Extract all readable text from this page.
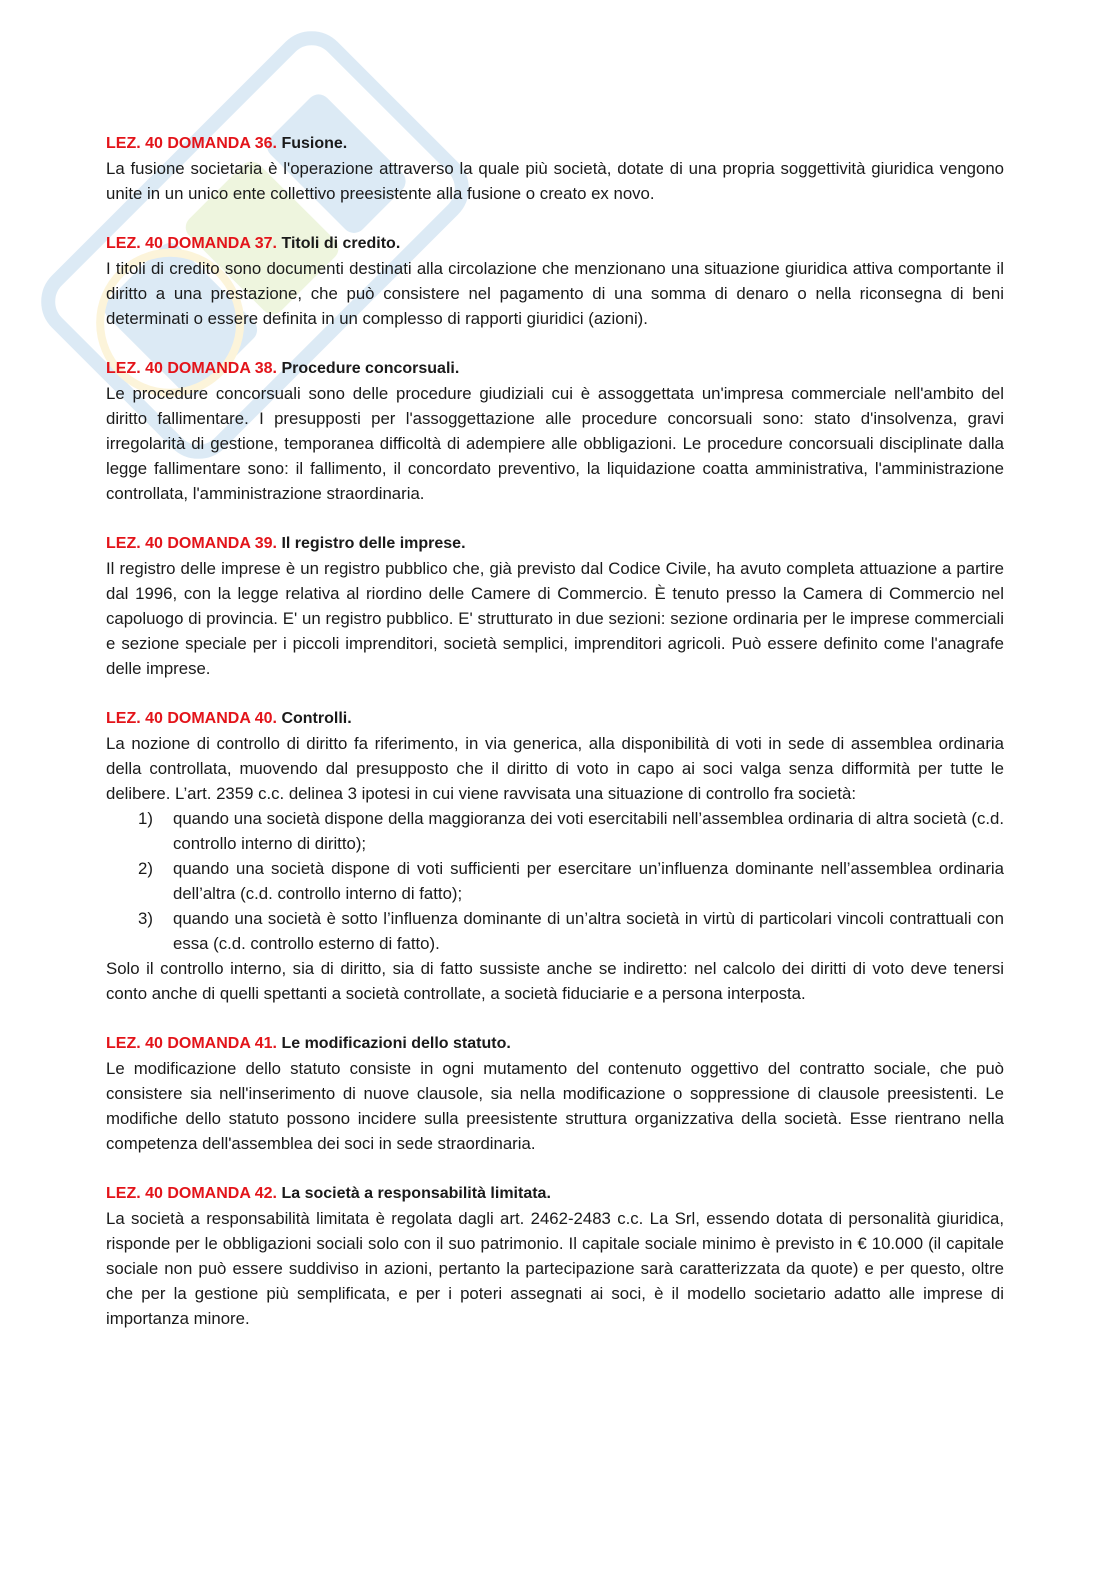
LEZ. 40 DOMANDA 36. Fusione.

La fusione societaria è l'operazione attraverso la quale più società, dotate di una propria soggettività giuridica vengono unite in un unico ente collettivo preesistente alla fusione o creato ex novo.

LEZ. 40 DOMANDA 37. Titoli di credito.

I titoli di credito sono documenti destinati alla circolazione che menzionano una situazione giuridica attiva comportante il diritto a una prestazione, che può consistere nel pagamento di una somma di denaro o nella riconsegna di beni determinati o essere definita in un complesso di rapporti giuridici (azioni).

LEZ. 40 DOMANDA 38. Procedure concorsuali.

Le procedure concorsuali sono delle procedure giudiziali cui è assoggettata un'impresa commerciale nell'ambito del diritto fallimentare. I presupposti per l'assoggettazione alle procedure concorsuali sono: stato d'insolvenza, gravi irregolarità di gestione, temporanea difficoltà di adempiere alle obbligazioni. Le procedure concorsuali disciplinate dalla legge fallimentare sono: il fallimento, il concordato preventivo, la liquidazione coatta amministrativa, l'amministrazione controllata, l'amministrazione straordinaria.

LEZ. 40 DOMANDA 39. Il registro delle imprese.

Il registro delle imprese è un registro pubblico che, già previsto dal Codice Civile, ha avuto completa attuazione a partire dal 1996, con la legge relativa al riordino delle Camere di Commercio. È tenuto presso la Camera di Commercio nel capoluogo di provincia. E' un registro pubblico. E' strutturato in due sezioni: sezione ordinaria per le imprese commerciali e sezione speciale per i piccoli imprenditori, società semplici, imprenditori agricoli. Può essere definito come l'anagrafe delle imprese.

LEZ. 40 DOMANDA 40. Controlli.

La nozione di controllo di diritto fa riferimento, in via generica, alla disponibilità di voti in sede di assemblea ordinaria della controllata, muovendo dal presupposto che il diritto di voto in capo ai soci valga senza difformità per tutte le delibere. L’art. 2359 c.c. delinea 3 ipotesi in cui viene ravvisata una situazione di controllo fra società:

1) quando una società dispone della maggioranza dei voti esercitabili nell’assemblea ordinaria di altra società (c.d. controllo interno di diritto);
2) quando una società dispone di voti sufficienti per esercitare un’influenza dominante nell’assemblea ordinaria dell’altra (c.d. controllo interno di fatto);
3) quando una società è sotto l’influenza dominante di un’altra società in virtù di particolari vincoli contrattuali con essa (c.d. controllo esterno di fatto).

Solo il controllo interno, sia di diritto, sia di fatto sussiste anche se indiretto: nel calcolo dei diritti di voto deve tenersi conto anche di quelli spettanti a società controllate, a società fiduciarie e a persona interposta.

LEZ. 40 DOMANDA 41. Le modificazioni dello statuto.

Le modificazione dello statuto consiste in ogni mutamento del contenuto oggettivo del contratto sociale, che può consistere sia nell'inserimento di nuove clausole, sia nella modificazione o soppressione di clausole preesistenti. Le modifiche dello statuto possono incidere sulla preesistente struttura organizzativa della società. Esse rientrano nella competenza dell'assemblea dei soci in sede straordinaria.

LEZ. 40 DOMANDA 42. La società a responsabilità limitata.

La società a responsabilità limitata è regolata dagli art. 2462-2483 c.c. La Srl, essendo dotata di personalità giuridica, risponde per le obbligazioni sociali solo con il suo patrimonio. Il capitale sociale minimo è previsto in € 10.000 (il capitale sociale non può essere suddiviso in azioni, pertanto la partecipazione sarà caratterizzata da quote) e per questo, oltre che per la gestione più semplificata, e per i poteri assegnati ai soci, è il modello societario adatto alle imprese di importanza minore.
